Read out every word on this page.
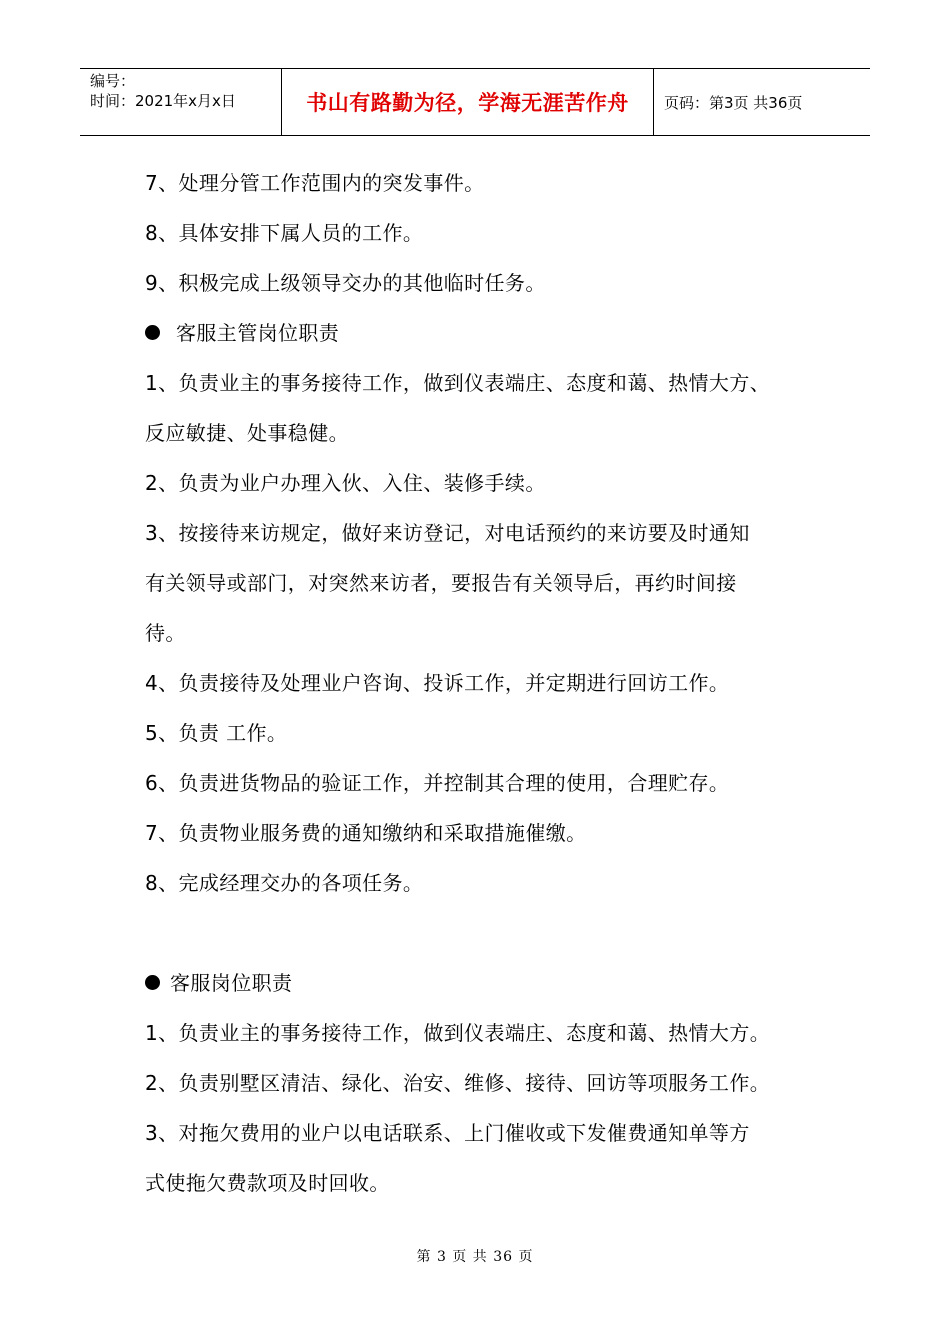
编号：
时间：2021年x月x日	书山有路勤为径，学海无涯苦作舟	页码：第3页 共36页
7、处理分管工作范围内的突发事件。
8、具体安排下属人员的工作。
9、积极完成上级领导交办的其他临时任务。
客服主管岗位职责
1、负责业主的事务接待工作，做到仪表端庄、态度和蔼、热情大方、
反应敏捷、处事稳健。
2、负责为业户办理入伙、入住、装修手续。
3、按接待来访规定，做好来访登记，对电话预约的来访要及时通知
有关领导或部门，对突然来访者，要报告有关领导后，再约时间接
待。
4、负责接待及处理业户咨询、投诉工作，并定期进行回访工作。
5、负责 工作。
6、负责进货物品的验证工作，并控制其合理的使用，合理贮存。
7、负责物业服务费的通知缴纳和采取措施催缴。
8、完成经理交办的各项任务。
客服岗位职责
1、负责业主的事务接待工作，做到仪表端庄、态度和蔼、热情大方。
2、负责别墅区清洁、绿化、治安、维修、接待、回访等项服务工作。
3、对拖欠费用的业户以电话联系、上门催收或下发催费通知单等方
式使拖欠费款项及时回收。
第 3 页 共 36 页
